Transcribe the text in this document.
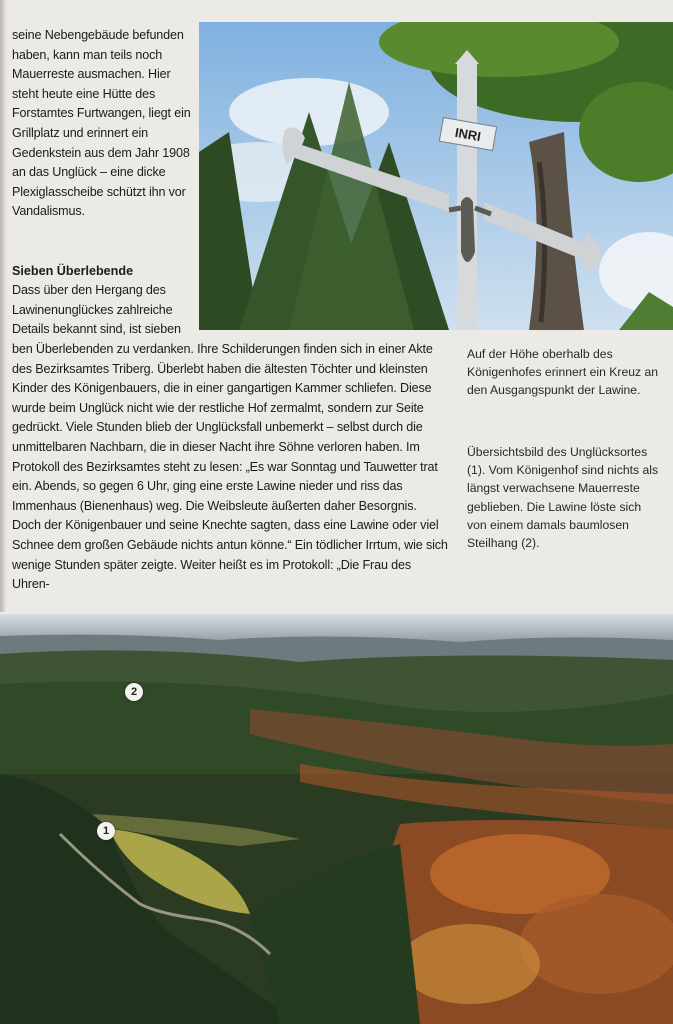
INRI

seine Nebengebäude befunden haben, kann man teils noch Mauerreste ausmachen. Hier steht heute eine Hütte des Forstamtes Furtwangen, liegt ein Grillplatz und erinnert ein Gedenkstein aus dem Jahr 1908 an das Unglück – eine dicke Plexiglasscheibe schützt ihn vor Vandalismus.

Sieben Überlebende
Dass über den Hergang des Lawinenunglückes zahlreiche Details bekannt sind, ist sieben
ben Überlebenden zu verdanken. Ihre Schilderungen finden sich in einer Akte des Bezirksamtes Triberg. Überlebt haben die ältesten Töchter und kleinsten Kinder des Königenbauers, die in einer gangartigen Kammer schliefen. Diese wurde beim Unglück nicht wie der restliche Hof zermalmt, sondern zur Seite gedrückt. Viele Stunden blieb der Unglücksfall unbemerkt – selbst durch die unmittelbaren Nachbarn, die in dieser Nacht ihre Söhne verloren haben. Im Protokoll des Bezirksamtes steht zu lesen: „Es war Sonntag und Tauwetter trat ein. Abends, so gegen 6 Uhr, ging eine erste Lawine nieder und riss das Immenhaus (Bienenhaus) weg. Die Weibsleute äußerten daher Besorgnis. Doch der Königenbauer und seine Knechte sagten, dass eine Lawine oder viel Schnee dem großen Gebäude nichts antun könne.“ Ein tödlicher Irrtum, wie sich wenige Stunden später zeigte. Weiter heißt es im Protokoll: „Die Frau des Uhren-
Auf der Höhe oberhalb des Königenhofes erinnert ein Kreuz an den Ausgangspunkt der Lawine.
Übersichtsbild des Unglücksortes (1). Vom Königenhof sind nichts als längst verwachsene Mauerreste geblieben. Die Lawine löste sich von einem damals baumlosen Steilhang (2).
1
2
